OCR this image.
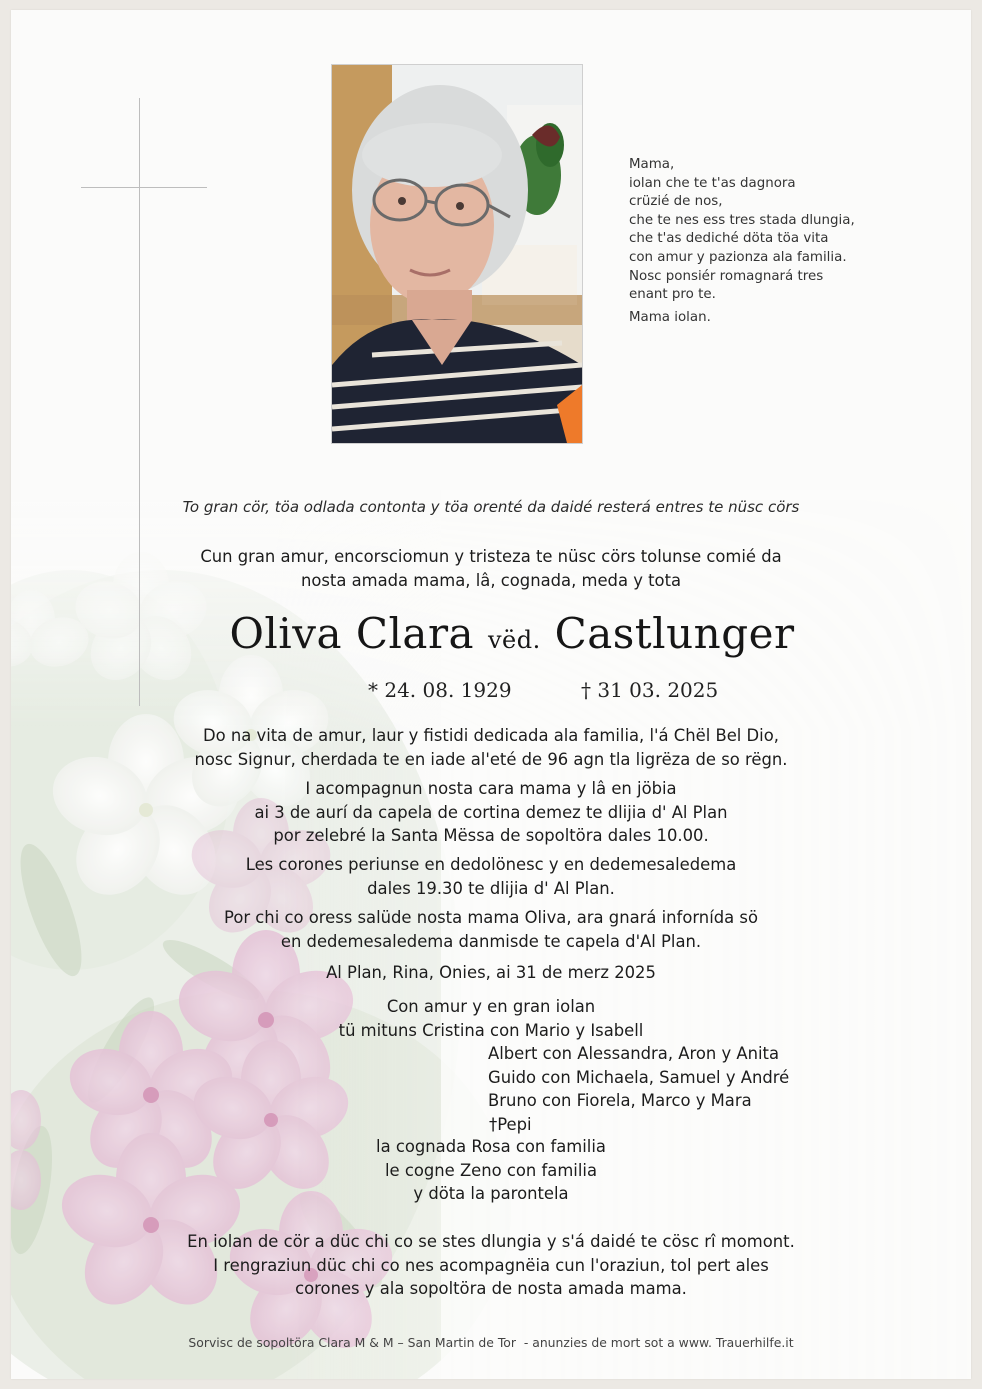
Mama,
iolan che te t'as dagnora
crüzié de nos,
che te nes ess tres stada dlungia,
che t'as dediché döta töa vita
con amur y pazionza ala familia.
Nosc ponsiér romagnará tres
enant pro te.
Mama iolan.
To gran cör, töa odlada contonta y töa orenté da daidé resterá entres te nüsc cörs
Cun gran amur, encorsciomun y tristeza te nüsc cörs tolunse comié da
nosta amada mama, lâ, cognada, meda y tota
Oliva Clara vëd. Castlunger
* 24. 08. 1929	† 31 03. 2025
Do na vita de amur, laur y fistidi dedicada ala familia, l'á Chël Bel Dio,
nosc Signur, cherdada te en iade al'eté de 96 agn tla ligrëza de so rëgn.
I acompagnun nosta cara mama y lâ en jöbia
ai 3 de aurí da capela de cortina demez te dlijia d' Al Plan
por zelebré la Santa Mëssa de sopoltöra dales 10.00.
Les corones periunse en dedolönesc y en dedemesaledema
dales 19.30 te dlijia d' Al Plan.
Por chi co oress salüde nosta mama Oliva, ara gnará infornída sö
en dedemesaledema danmisde te capela d'Al Plan.
Al Plan, Rina, Onies, ai 31 de merz 2025
Con amur y en gran iolan
tü mituns Cristina con Mario y Isabell
Albert con Alessandra, Aron y Anita
Guido con Michaela, Samuel y André
Bruno con Fiorela, Marco y Mara
†Pepi
la cognada Rosa con familia
le cogne Zeno con familia
y döta la parontela
En iolan de cör a düc chi co se stes dlungia y s'á daidé te cösc rî momont.
I rengraziun düc chi co nes acompagnëia cun l'oraziun, tol pert ales
corones y ala sopoltöra de nosta amada mama.
Sorvisc de sopoltöra Clara M & M – San Martin de Tor  - anunzies de mort sot a www. Trauerhilfe.it
